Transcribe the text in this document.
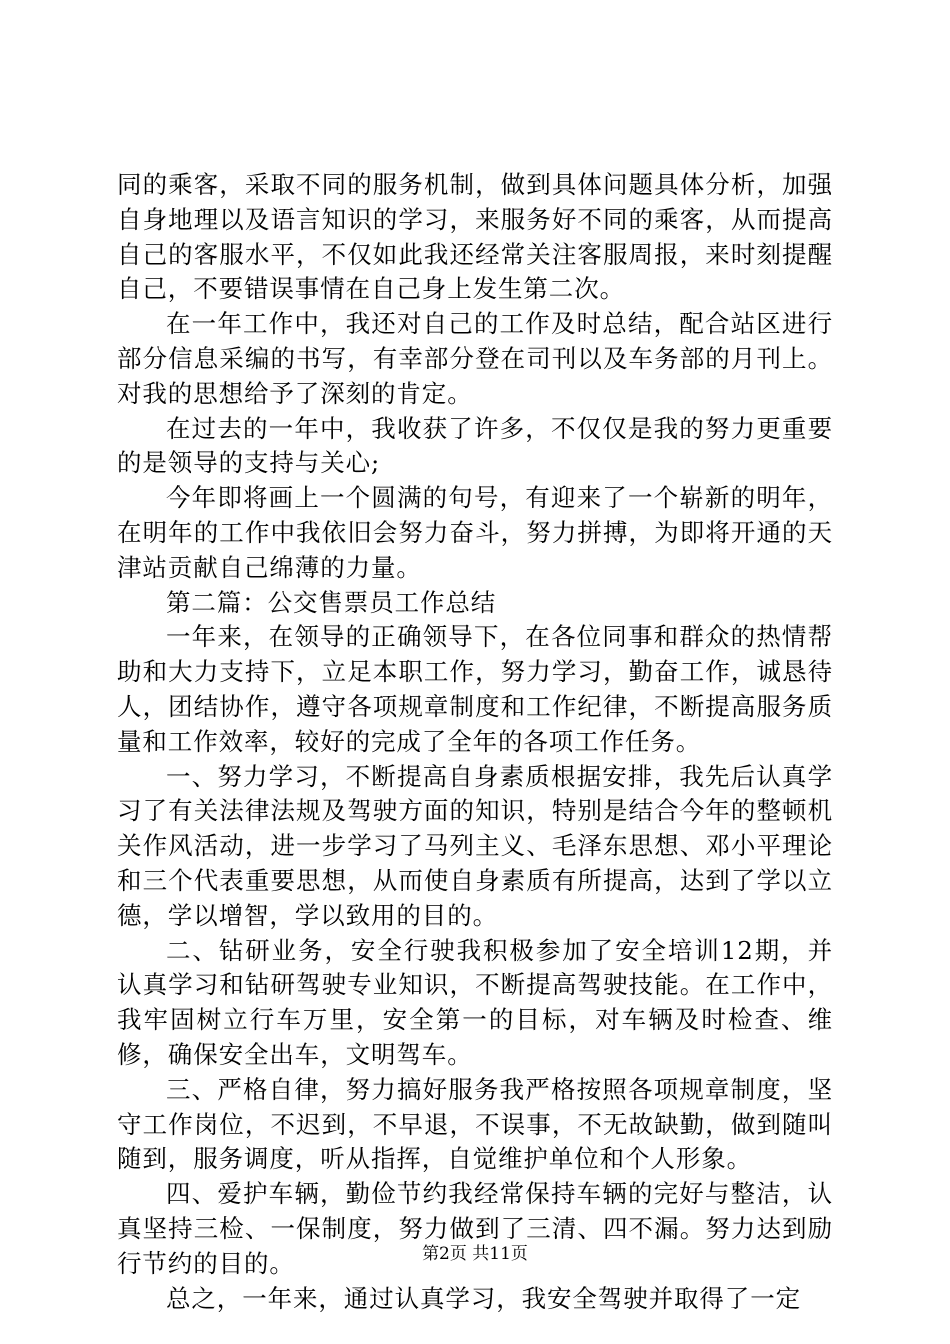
同的乘客，采取不同的服务机制，做到具体问题具体分析，加强自身地理以及语言知识的学习，来服务好不同的乘客，从而提高自己的客服水平，不仅如此我还经常关注客服周报，来时刻提醒自己，不要错误事情在自己身上发生第二次。

在一年工作中，我还对自己的工作及时总结，配合站区进行部分信息采编的书写，有幸部分登在司刊以及车务部的月刊上。对我的思想给予了深刻的肯定。

在过去的一年中，我收获了许多，不仅仅是我的努力更重要的是领导的支持与关心;

今年即将画上一个圆满的句号，有迎来了一个崭新的明年，在明年的工作中我依旧会努力奋斗，努力拼搏，为即将开通的天津站贡献自己绵薄的力量。

第二篇：公交售票员工作总结

一年来，在领导的正确领导下，在各位同事和群众的热情帮助和大力支持下，立足本职工作，努力学习，勤奋工作，诚恳待人，团结协作，遵守各项规章制度和工作纪律，不断提高服务质量和工作效率，较好的完成了全年的各项工作任务。

一、努力学习，不断提高自身素质根据安排，我先后认真学习了有关法律法规及驾驶方面的知识，特别是结合今年的整顿机关作风活动，进一步学习了马列主义、毛泽东思想、邓小平理论和三个代表重要思想，从而使自身素质有所提高，达到了学以立德，学以增智，学以致用的目的。

二、钻研业务，安全行驶我积极参加了安全培训12期，并认真学习和钻研驾驶专业知识，不断提高驾驶技能。在工作中，我牢固树立行车万里，安全第一的目标，对车辆及时检查、维修，确保安全出车，文明驾车。

三、严格自律，努力搞好服务我严格按照各项规章制度，坚守工作岗位，不迟到，不早退，不误事，不无故缺勤，做到随叫随到，服务调度，听从指挥，自觉维护单位和个人形象。

四、爱护车辆，勤俭节约我经常保持车辆的完好与整洁，认真坚持三检、一保制度，努力做到了三清、四不漏。努力达到励行节约的目的。

总之，一年来，通过认真学习，我安全驾驶并取得了一定

第2页 共11页
